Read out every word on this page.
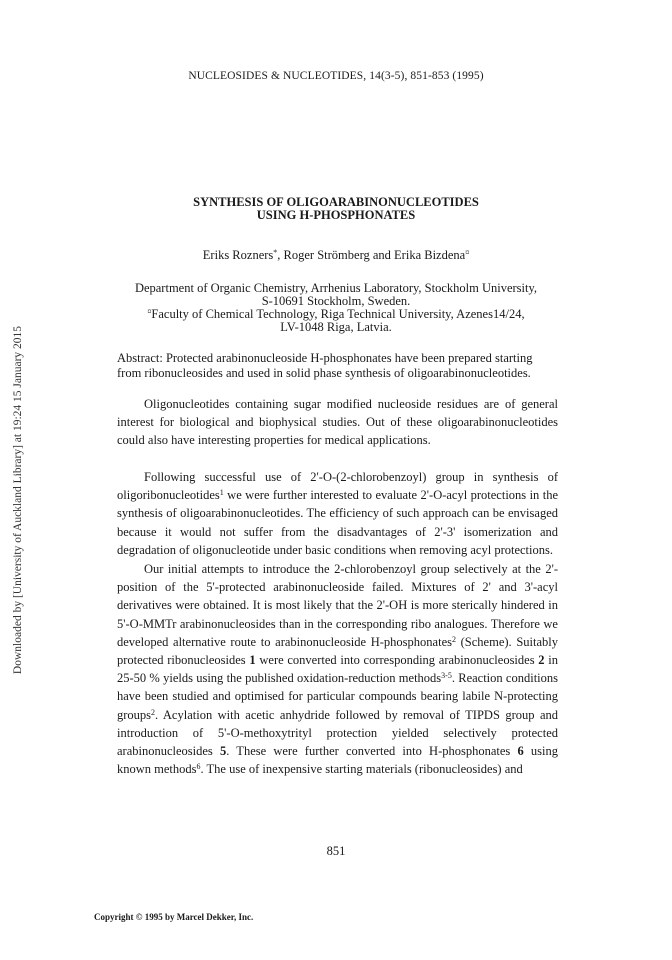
NUCLEOSIDES & NUCLEOTIDES, 14(3-5), 851-853 (1995)
Downloaded by [University of Auckland Library] at 19:24 15 January 2015
SYNTHESIS OF OLIGOARABINONUCLEOTIDES
USING H-PHOSPHONATES
Eriks Rozners*, Roger Strömberg and Erika Bizdena¤
Department of Organic Chemistry, Arrhenius Laboratory, Stockholm University,
S-10691 Stockholm, Sweden.
¤Faculty of Chemical Technology, Riga Technical University, Azenes14/24,
LV-1048 Riga, Latvia.
Abstract: Protected arabinonucleoside H-phosphonates have been prepared starting from ribonucleosides and used in solid phase synthesis of oligoarabinonucleotides.
Oligonucleotides containing sugar modified nucleoside residues are of general interest for biological and biophysical studies. Out of these oligoarabinonucleotides could also have interesting properties for medical applications.
Following successful use of 2'-O-(2-chlorobenzoyl) group in synthesis of oligoribonucleotides$^1$ we were further interested to evaluate 2'-O-acyl protections in the synthesis of oligoarabinonucleotides. The efficiency of such approach can be envisaged because it would not suffer from the disadvantages of 2'-3' isomerization and degradation of oligonucleotide under basic conditions when removing acyl protections.
Our initial attempts to introduce the 2-chlorobenzoyl group selectively at the 2'-position of the 5'-protected arabinonucleoside failed. Mixtures of 2' and 3'-acyl derivatives were obtained. It is most likely that the 2'-OH is more sterically hindered in 5'-O-MMTr arabinonucleosides than in the corresponding ribo analogues. Therefore we developed alternative route to arabinonucleoside H-phosphonates$^2$ (Scheme). Suitably protected ribonucleosides 1 were converted into corresponding arabinonucleosides 2 in 25-50 % yields using the published oxidation-reduction methods$^{3-5}$. Reaction conditions have been studied and optimised for particular compounds bearing labile N-protecting groups$^2$. Acylation with acetic anhydride followed by removal of TIPDS group and introduction of 5'-O-methoxytrityl protection yielded selectively protected arabinonucleosides 5. These were further converted into H-phosphonates 6 using known methods$^6$. The use of inexpensive starting materials (ribonucleosides) and
851
Copyright © 1995 by Marcel Dekker, Inc.
